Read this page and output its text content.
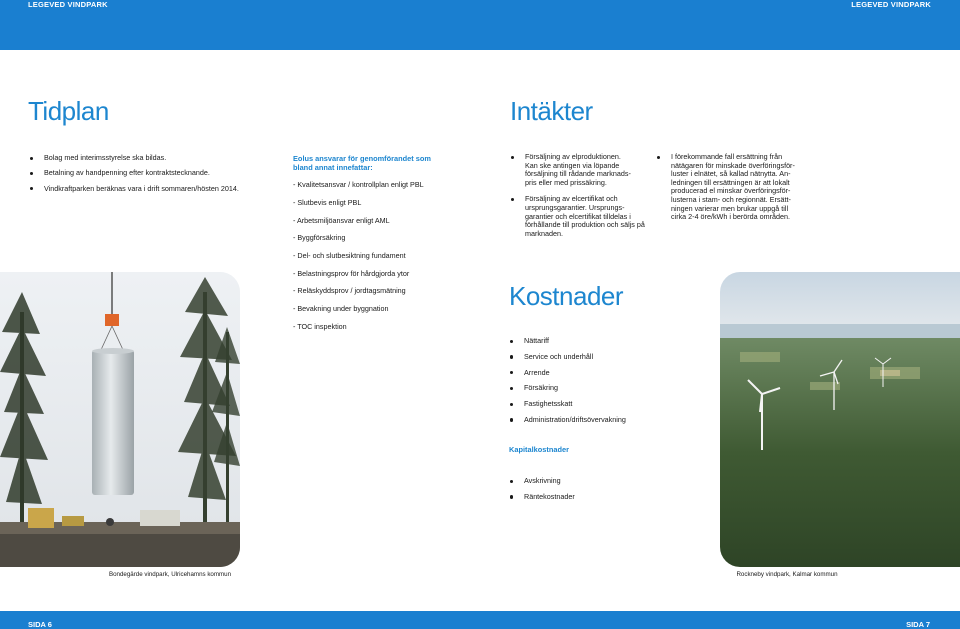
LEGEVED VINDPARK	LEGEVED VINDPARK
Tidplan
Bolag med interimsstyrelse ska bildas.
Betalning av handpenning efter kontraktstecknande.
Vindkraftparken beräknas vara i drift sommaren/hösten 2014.
Eolus ansvarar för genomförandet som
bland annat innefattar:
- Kvalitetsansvar / kontrollplan enligt PBL
- Slutbevis enligt PBL
- Arbetsmiljöansvar enligt AML
- Byggförsäkring
- Del- och slutbesiktning fundament
- Belastningsprov för hårdgjorda ytor
- Reläskyddsprov / jordtagsmätning
- Bevakning under byggnation
- TOC inspektion
Intäkter
Försäljning av elproduktionen.
Kan ske antingen via löpande
försäljning till rådande marknads-
pris eller med prissäkring.
Försäljning av elcertifikat och
ursprungsgarantier. Ursprungs-
garantier och elcertifikat tilldelas i
förhållande till produktion och säljs på
marknaden.
I förekommande fall ersättning från
nätägaren för minskade överföringsför-
luster i elnätet, så kallad nätnytta. An-
ledningen till ersättningen är att lokalt
producerad el minskar överföringsför-
lusterna i stam- och regionnät. Ersätt-
ningen varierar men brukar uppgå till
cirka 2-4 öre/kWh i berörda områden.
Kostnader
Nättariff
Service och underhåll
Arrende
Försäkring
Fastighetsskatt
Administration/driftsövervakning
Kapitalkostnader
Avskrivning
Räntekostnader
Bondegärde vindpark, Ulricehamns kommun	Rockneby vindpark, Kalmar kommun
SIDA 6	SIDA 7
